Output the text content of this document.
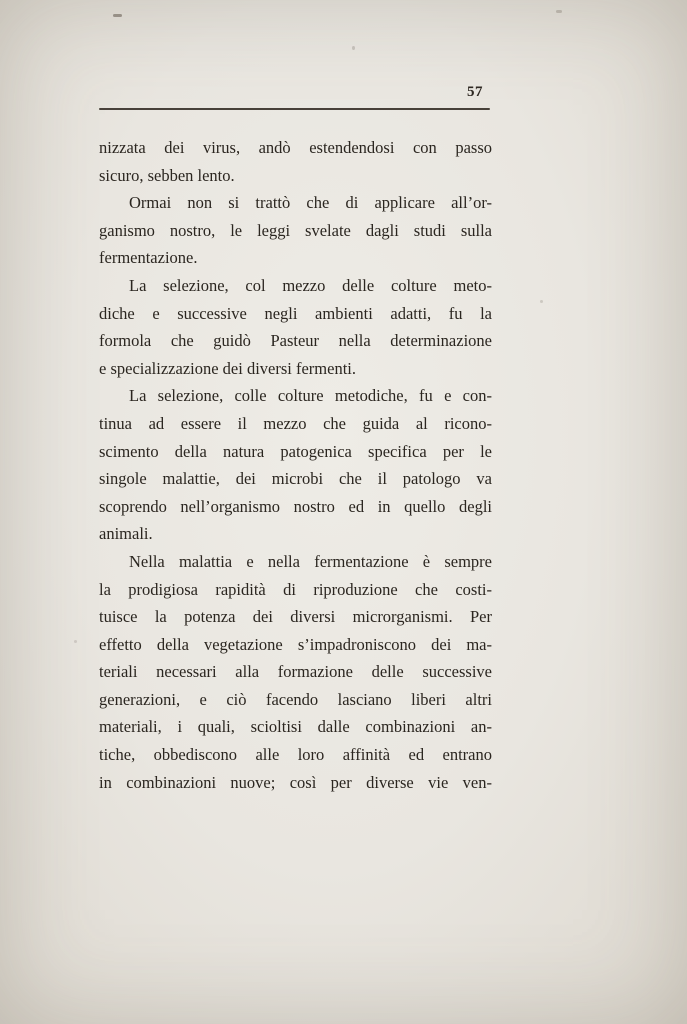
57
nizzata dei virus, andò estendendosi con passo
sicuro, sebben lento.
Ormai non si trattò che di applicare all’or-
ganismo nostro, le leggi svelate dagli studi sulla
fermentazione.
La selezione, col mezzo delle colture meto-
diche e successive negli ambienti adatti, fu la
formola che guidò Pasteur nella determinazione
e specializzazione dei diversi fermenti.
La selezione, colle colture metodiche, fu e con-
tinua ad essere il mezzo che guida al ricono-
scimento della natura patogenica specifica per le
singole malattie, dei microbi che il patologo va
scoprendo nell’organismo nostro ed in quello degli
animali.
Nella malattia e nella fermentazione è sempre
la prodigiosa rapidità di riproduzione che costi-
tuisce la potenza dei diversi microrganismi. Per
effetto della vegetazione s’impadroniscono dei ma-
teriali necessari alla formazione delle successive
generazioni, e ciò facendo lasciano liberi altri
materiali, i quali, scioltisi dalle combinazioni an-
tiche, obbediscono alle loro affinità ed entrano
in combinazioni nuove; così per diverse vie ven-
